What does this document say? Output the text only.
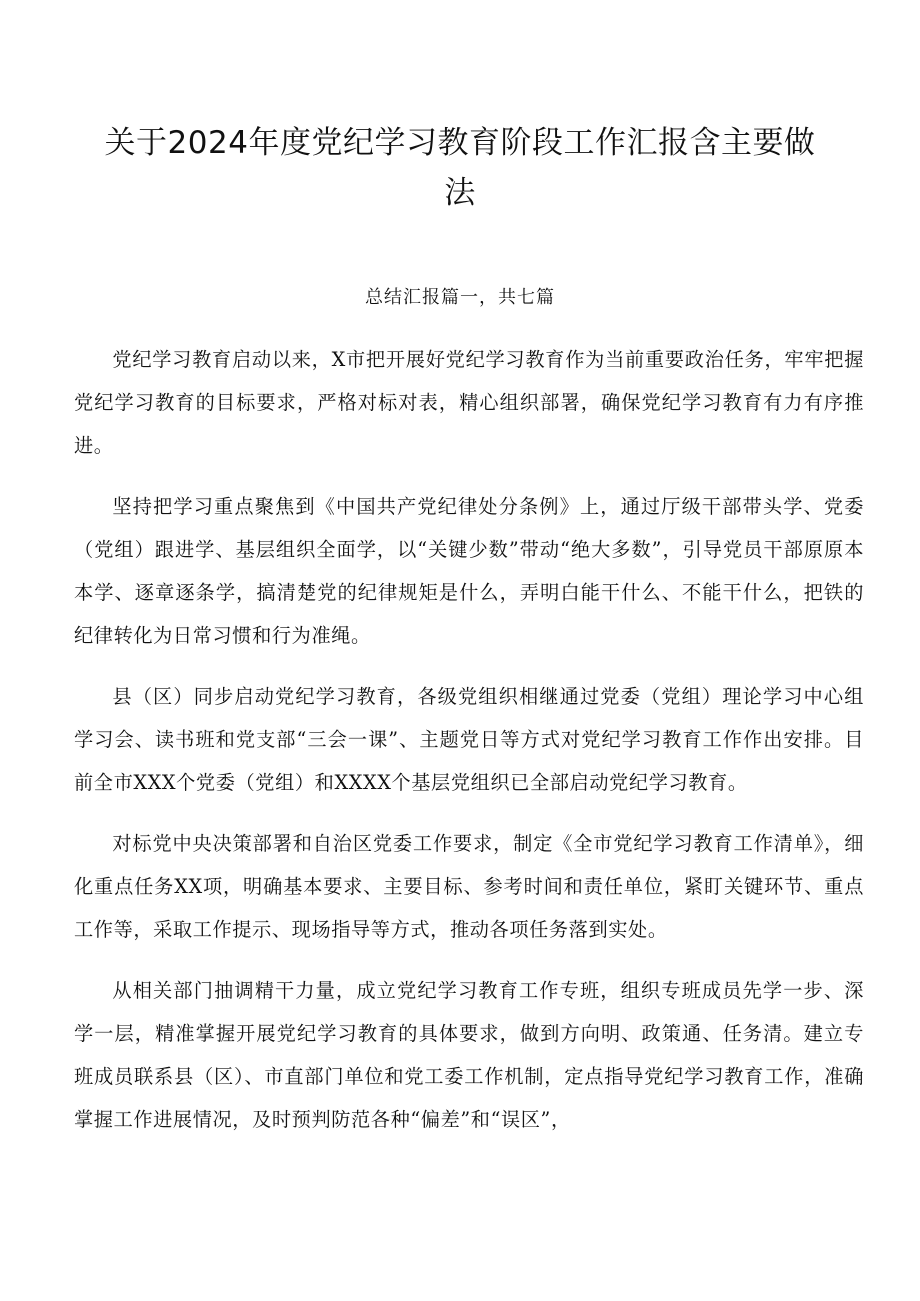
关于2024年度党纪学习教育阶段工作汇报含主要做法
总结汇报篇一，共七篇

党纪学习教育启动以来，X市把开展好党纪学习教育作为当前重要政治任务，牢牢把握党纪学习教育的目标要求，严格对标对表，精心组织部署，确保党纪学习教育有力有序推进。

坚持把学习重点聚焦到《中国共产党纪律处分条例》上，通过厅级干部带头学、党委（党组）跟进学、基层组织全面学，以“关键少数”带动“绝大多数”，引导党员干部原原本本学、逐章逐条学，搞清楚党的纪律规矩是什么，弄明白能干什么、不能干什么，把铁的纪律转化为日常习惯和行为准绳。

县（区）同步启动党纪学习教育，各级党组织相继通过党委（党组）理论学习中心组学习会、读书班和党支部“三会一课”、主题党日等方式对党纪学习教育工作作出安排。目前全市XXX个党委（党组）和XXXX个基层党组织已全部启动党纪学习教育。

对标党中央决策部署和自治区党委工作要求，制定《全市党纪学习教育工作清单》，细化重点任务XX项，明确基本要求、主要目标、参考时间和责任单位，紧盯关键环节、重点工作等，采取工作提示、现场指导等方式，推动各项任务落到实处。

从相关部门抽调精干力量，成立党纪学习教育工作专班，组织专班成员先学一步、深学一层，精准掌握开展党纪学习教育的具体要求，做到方向明、政策通、任务清。建立专班成员联系县（区）、市直部门单位和党工委工作机制，定点指导党纪学习教育工作，准确掌握工作进展情况，及时预判防范各种“偏差”和“误区”，
